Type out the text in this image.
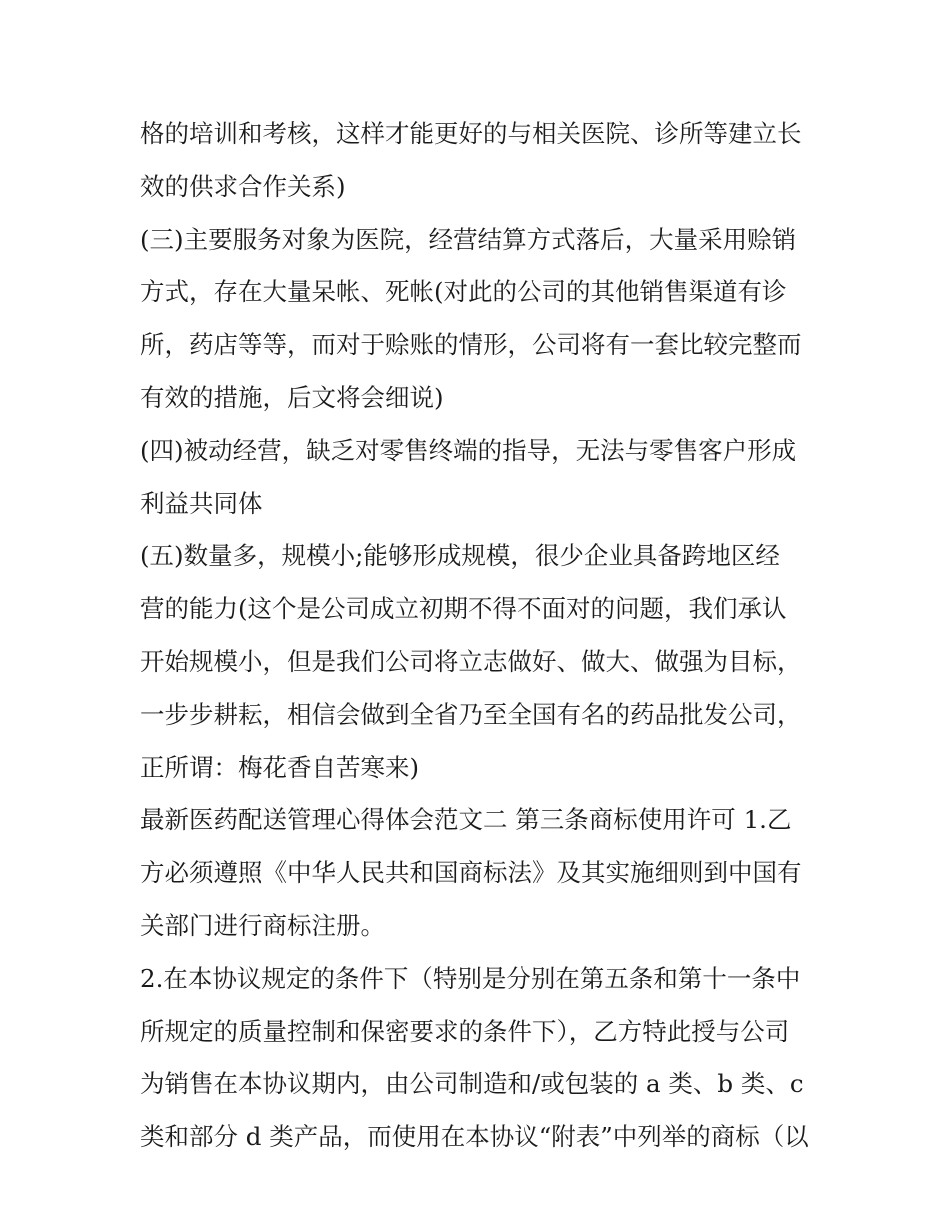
格的培训和考核，这样才能更好的与相关医院、诊所等建立长
效的供求合作关系)
(三)主要服务对象为医院，经营结算方式落后，大量采用赊销
方式，存在大量呆帐、死帐(对此的公司的其他销售渠道有诊
所，药店等等，而对于赊账的情形，公司将有一套比较完整而
有效的措施，后文将会细说)
(四)被动经营，缺乏对零售终端的指导，无法与零售客户形成
利益共同体
(五)数量多，规模小;能够形成规模，很少企业具备跨地区经
营的能力(这个是公司成立初期不得不面对的问题，我们承认
开始规模小，但是我们公司将立志做好、做大、做强为目标，
一步步耕耘，相信会做到全省乃至全国有名的药品批发公司，
正所谓：梅花香自苦寒来)
最新医药配送管理心得体会范文二 第三条商标使用许可 1.乙
方必须遵照《中华人民共和国商标法》及其实施细则到中国有
关部门进行商标注册。
2.在本协议规定的条件下（特别是分别在第五条和第十一条中
所规定的质量控制和保密要求的条件下），乙方特此授与公司
为销售在本协议期内，由公司制造和/或包装的 a 类、b 类、c
类和部分 d 类产品，而使用在本协议“附表”中列举的商标（以
